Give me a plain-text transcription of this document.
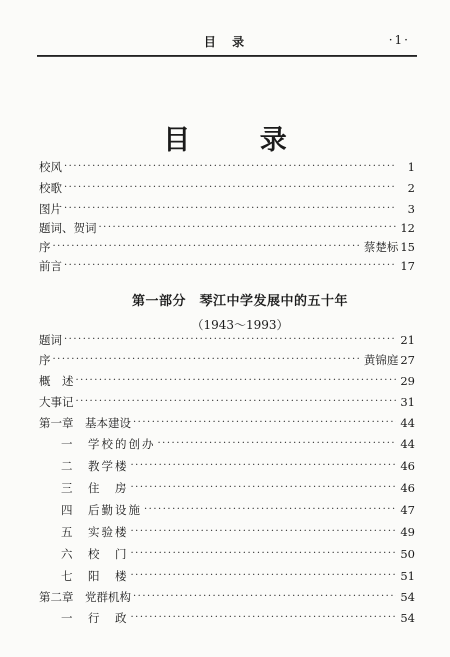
目 录	·1·
目 录
校风 ·····	1
校歌 ·····	2
图片 ·····	3
题词、贺词 ·····	12
序 ·····	蔡楚标 15
前言 ·····	17
第一部分　琴江中学发展中的五十年
（1943～1993）
题词 ·····	21
序 ·····	黄锦庭 27
概　述 ·····	29
大事记 ·····	31
第一章　基本建设 ·····	44
一　学校的创办 ·····	44
二　教学楼 ·····	46
三　住　房 ·····	46
四　后勤设施 ·····	47
五　实验楼 ·····	49
六　校　门 ·····	50
七　阳　楼 ·····	51
第二章　党群机构 ·····	54
一　行　政 ·····	54
